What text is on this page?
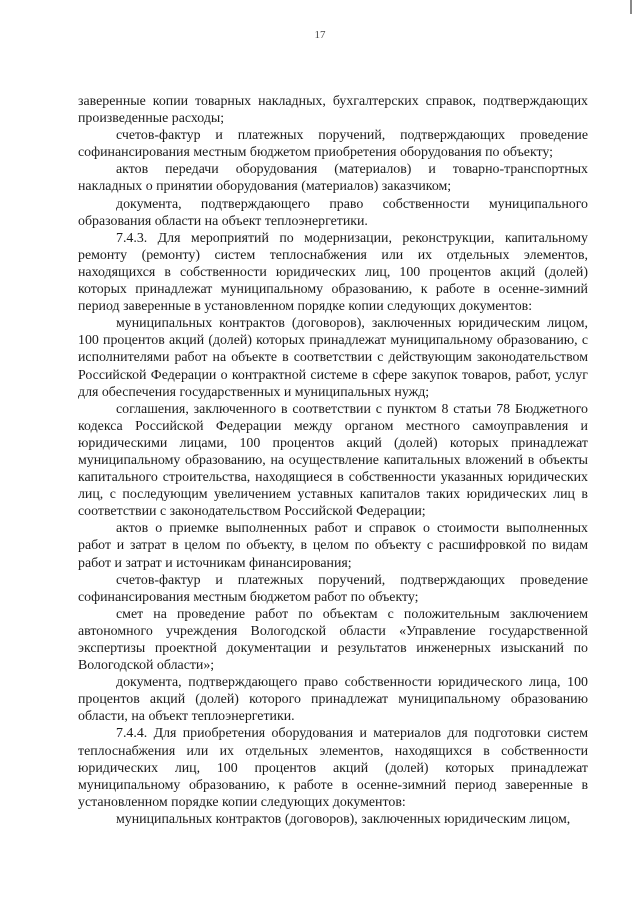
17

заверенные копии товарных накладных, бухгалтерских справок, подтверждающих произведенные расходы;

счетов-фактур и платежных поручений, подтверждающих проведение софинансирования местным бюджетом приобретения оборудования по объекту;

актов передачи оборудования (материалов) и товарно-транспортных накладных о принятии оборудования (материалов) заказчиком;

документа, подтверждающего право собственности муниципального образования области на объект теплоэнергетики.

7.4.3. Для мероприятий по модернизации, реконструкции, капитальному ремонту (ремонту) систем теплоснабжения или их отдельных элементов, находящихся в собственности юридических лиц, 100 процентов акций (долей) которых принадлежат муниципальному образованию, к работе в осенне-зимний период заверенные в установленном порядке копии следующих документов:

муниципальных контрактов (договоров), заключенных юридическим лицом, 100 процентов акций (долей) которых принадлежат муниципальному образованию, с исполнителями работ на объекте в соответствии с действующим законодательством Российской Федерации о контрактной системе в сфере закупок товаров, работ, услуг для обеспечения государственных и муниципальных нужд;

соглашения, заключенного в соответствии с пунктом 8 статьи 78 Бюджетного кодекса Российской Федерации между органом местного самоуправления и юридическими лицами, 100 процентов акций (долей) которых принадлежат муниципальному образованию, на осуществление капитальных вложений в объекты капитального строительства, находящиеся в собственности указанных юридических лиц, с последующим увеличением уставных капиталов таких юридических лиц в соответствии с законодательством Российской Федерации;

актов о приемке выполненных работ и справок о стоимости выполненных работ и затрат в целом по объекту, в целом по объекту с расшифровкой по видам работ и затрат и источникам финансирования;

счетов-фактур и платежных поручений, подтверждающих проведение софинансирования местным бюджетом работ по объекту;

смет на проведение работ по объектам с положительным заключением автономного учреждения Вологодской области «Управление государственной экспертизы проектной документации и результатов инженерных изысканий по Вологодской области»;

документа, подтверждающего право собственности юридического лица, 100 процентов акций (долей) которого принадлежат муниципальному образованию области, на объект теплоэнергетики.

7.4.4. Для приобретения оборудования и материалов для подготовки систем теплоснабжения или их отдельных элементов, находящихся в собственности юридических лиц, 100 процентов акций (долей) которых принадлежат муниципальному образованию, к работе в осенне-зимний период заверенные в установленном порядке копии следующих документов:

муниципальных контрактов (договоров), заключенных юридическим лицом,
